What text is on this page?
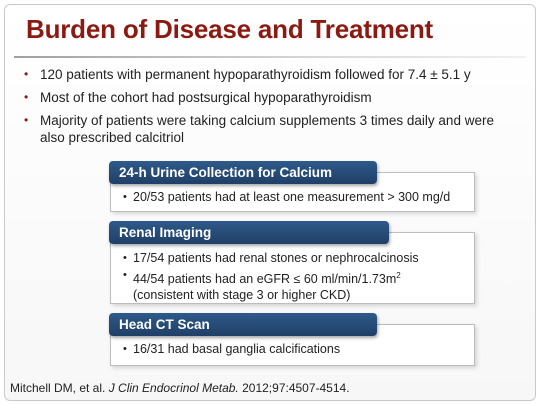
Burden of Disease and Treatment
• 120 patients with permanent hypoparathyroidism followed for 7.4 ± 5.1 y
• Most of the cohort had postsurgical hypoparathyroidism
• Majority of patients were taking calcium supplements 3 times daily and were also prescribed calcitriol
24-h Urine Collection for Calcium
• 20/53 patients had at least one measurement > 300 mg/d
Renal Imaging
• 17/54 patients had renal stones or nephrocalcinosis
• 44/54 patients had an eGFR ≤ 60 $ml/\min/1.73m^2$
(consistent with stage 3 or higher CKD)
Head CT Scan
• 16/31 had basal ganglia calcifications
Mitchell DM, et al. J Clin Endocrinol Metab. 2012;97:4507-4514.
